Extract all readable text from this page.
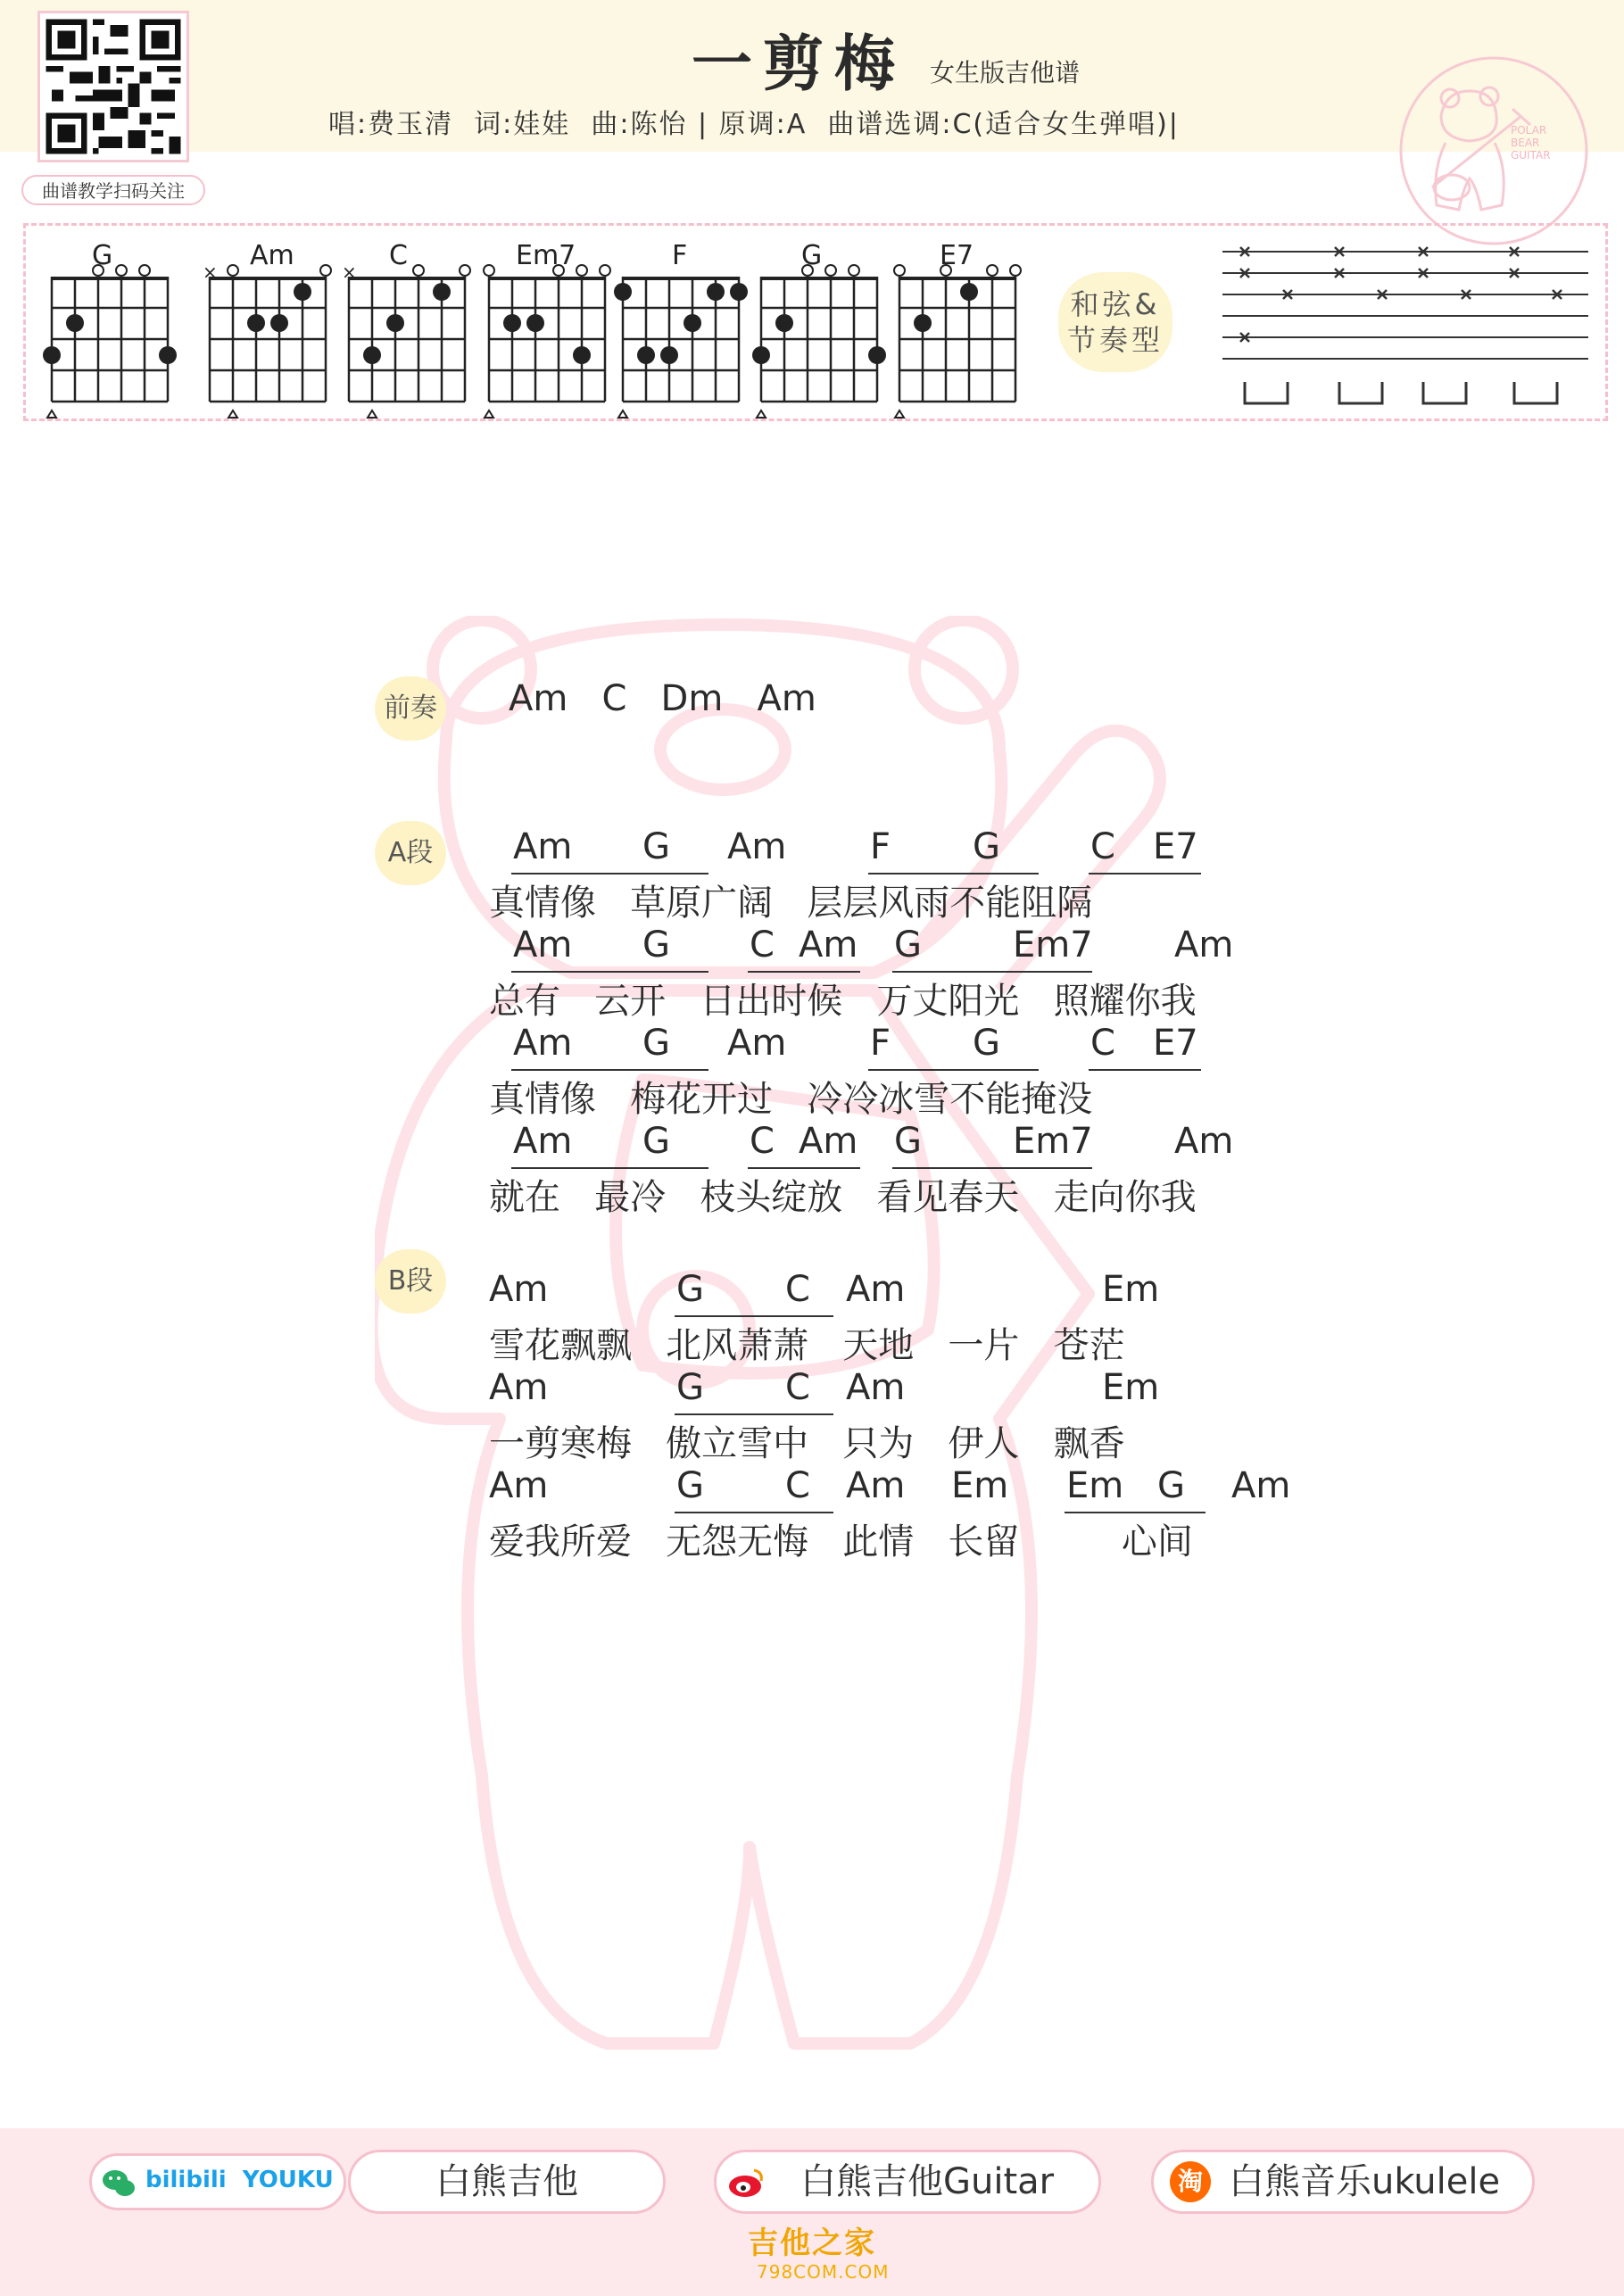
曲谱教学扫码关注
一剪梅 女生版吉他谱
唱:费玉清  词:娃娃  曲:陈怡 | 原调:A  曲谱选调:C(适合女生弹唱)|	POLAR
BEAR
GUITAR
G	Am
×
C
×
Em7	F	G	E7
和弦&
节奏型
前奏 Am   C   Dm   Am
A段
B段
Am G Am F G	C E7
真情像   草原广阔   层层风雨不能阻隔
Am G C Am G	Em7 Am
总有   云开   日出时候   万丈阳光   照耀你我
Am G Am F G	C E7
真情像   梅花开过   冷冷冰雪不能掩没
Am G C Am G	Em7 Am
就在   最冷   枝头绽放   看见春天   走向你我
Am	G C Am	Em
雪花飘飘   北风萧萧   天地   一片   苍茫
Am	G C Am	Em
一剪寒梅   傲立雪中   只为   伊人   飘香
Am	G C Am Em Em G Am
爱我所爱   无怨无悔   此情   长留         心间
bilibili  YOUKU	白熊吉他	白熊吉他Guitar	淘 白熊音乐ukulele
吉他之家
798COM.COM
